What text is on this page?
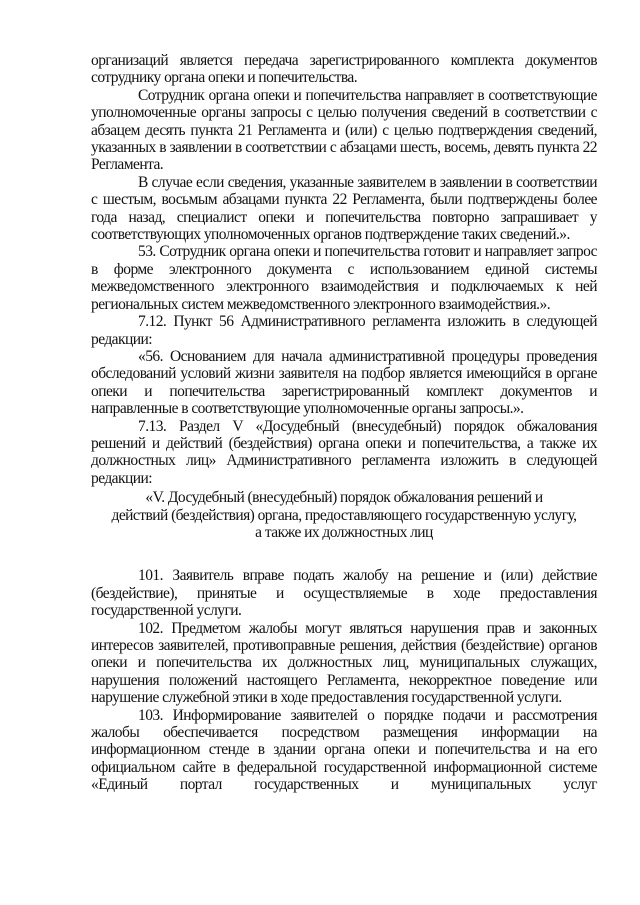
организаций является передача зарегистрированного комплекта документов сотруднику органа опеки и попечительства.

Сотрудник органа опеки и попечительства направляет в соответствующие уполномоченные органы запросы с целью получения сведений в соответствии с абзацем десять пункта 21 Регламента и (или) с целью подтверждения сведений, указанных в заявлении в соответствии с абзацами шесть, восемь, девять пункта 22 Регламента.

В случае если сведения, указанные заявителем в заявлении в соответствии с шестым, восьмым абзацами пункта 22 Регламента, были подтверждены более года назад, специалист опеки и попечительства повторно запрашивает у соответствующих уполномоченных органов подтверждение таких сведений.».

53. Сотрудник органа опеки и попечительства готовит и направляет запрос в форме электронного документа с использованием единой системы межведомственного электронного взаимодействия и подключаемых к ней региональных систем межведомственного электронного взаимодействия.».

7.12. Пункт 56 Административного регламента изложить в следующей редакции:

«56. Основанием для начала административной процедуры проведения обследований условий жизни заявителя на подбор является имеющийся в органе опеки и попечительства зарегистрированный комплект документов и направленные в соответствующие уполномоченные органы запросы.».

7.13. Раздел V «Досудебный (внесудебный) порядок обжалования решений и действий (бездействия) органа опеки и попечительства, а также их должностных лиц» Административного регламента изложить в следующей редакции:

«V. Досудебный (внесудебный) порядок обжалования решений и
действий (бездействия) органа, предоставляющего государственную услугу,
а также их должностных лиц

101. Заявитель вправе подать жалобу на решение и (или) действие (бездействие), принятые и осуществляемые в ходе предоставления государственной услуги.

102. Предметом жалобы могут являться нарушения прав и законных интересов заявителей, противоправные решения, действия (бездействие) органов опеки и попечительства их должностных лиц, муниципальных служащих, нарушения положений настоящего Регламента, некорректное поведение или нарушение служебной этики в ходе предоставления государственной услуги.

103. Информирование заявителей о порядке подачи и рассмотрения жалобы обеспечивается посредством размещения информации на информационном стенде в здании органа опеки и попечительства и на его официальном сайте в федеральной государственной информационной системе «Единый портал государственных и муниципальных услуг
